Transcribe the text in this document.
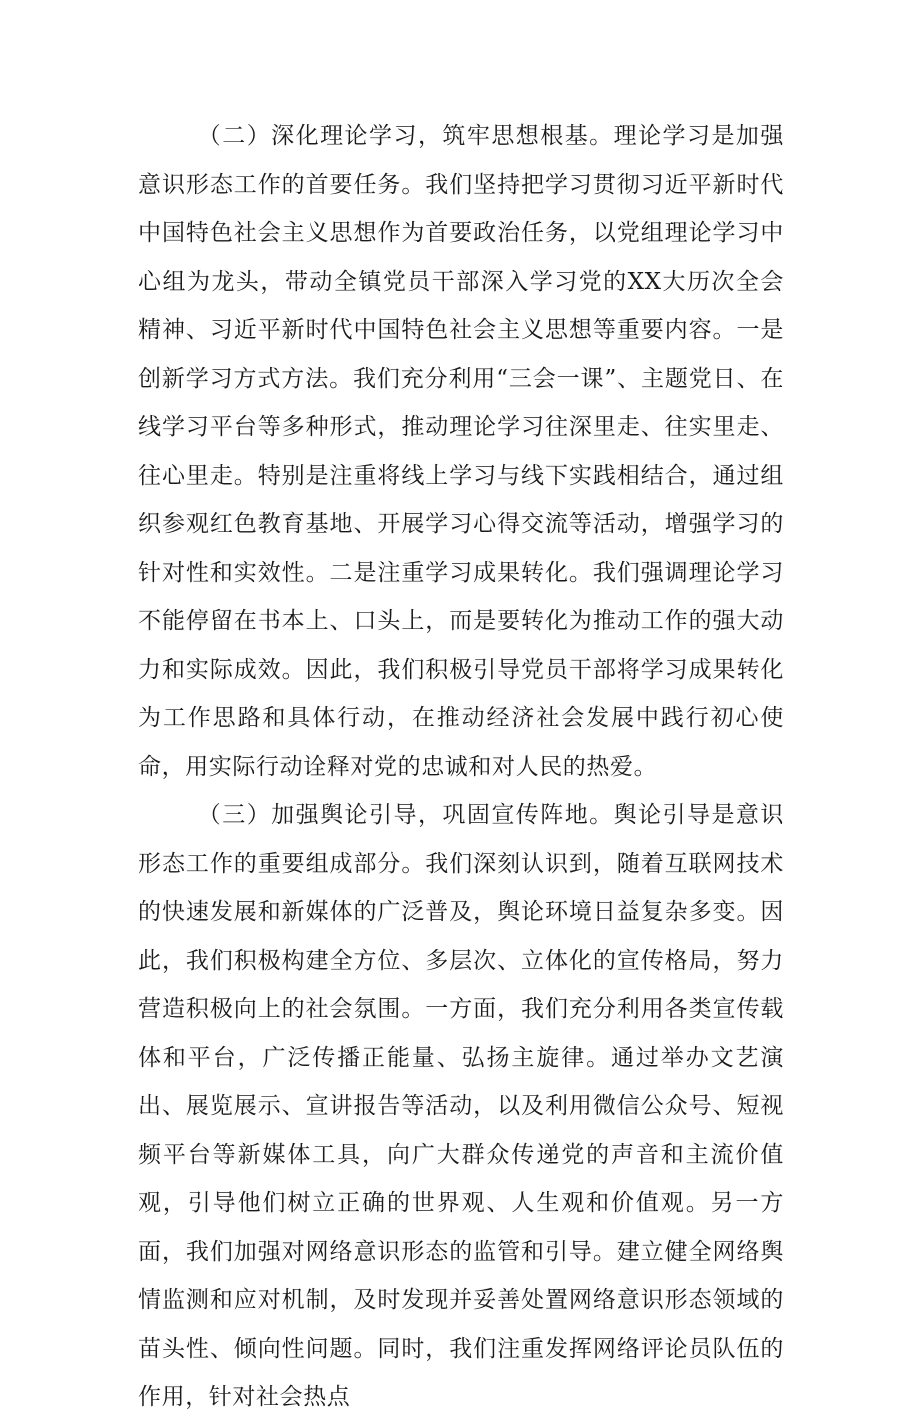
（二）深化理论学习，筑牢思想根基。理论学习是加强意识形态工作的首要任务。我们坚持把学习贯彻习近平新时代中国特色社会主义思想作为首要政治任务，以党组理论学习中心组为龙头，带动全镇党员干部深入学习党的XX大历次全会精神、习近平新时代中国特色社会主义思想等重要内容。一是创新学习方式方法。我们充分利用“三会一课”、主题党日、在线学习平台等多种形式，推动理论学习往深里走、往实里走、往心里走。特别是注重将线上学习与线下实践相结合，通过组织参观红色教育基地、开展学习心得交流等活动，增强学习的针对性和实效性。二是注重学习成果转化。我们强调理论学习不能停留在书本上、口头上，而是要转化为推动工作的强大动力和实际成效。因此，我们积极引导党员干部将学习成果转化为工作思路和具体行动，在推动经济社会发展中践行初心使命，用实际行动诠释对党的忠诚和对人民的热爱。

（三）加强舆论引导，巩固宣传阵地。舆论引导是意识形态工作的重要组成部分。我们深刻认识到，随着互联网技术的快速发展和新媒体的广泛普及，舆论环境日益复杂多变。因此，我们积极构建全方位、多层次、立体化的宣传格局，努力营造积极向上的社会氛围。一方面，我们充分利用各类宣传载体和平台，广泛传播正能量、弘扬主旋律。通过举办文艺演出、展览展示、宣讲报告等活动，以及利用微信公众号、短视频平台等新媒体工具，向广大群众传递党的声音和主流价值观，引导他们树立正确的世界观、人生观和价值观。另一方面，我们加强对网络意识形态的监管和引导。建立健全网络舆情监测和应对机制，及时发现并妥善处置网络意识形态领域的苗头性、倾向性问题。同时，我们注重发挥网络评论员队伍的作用，针对社会热点
